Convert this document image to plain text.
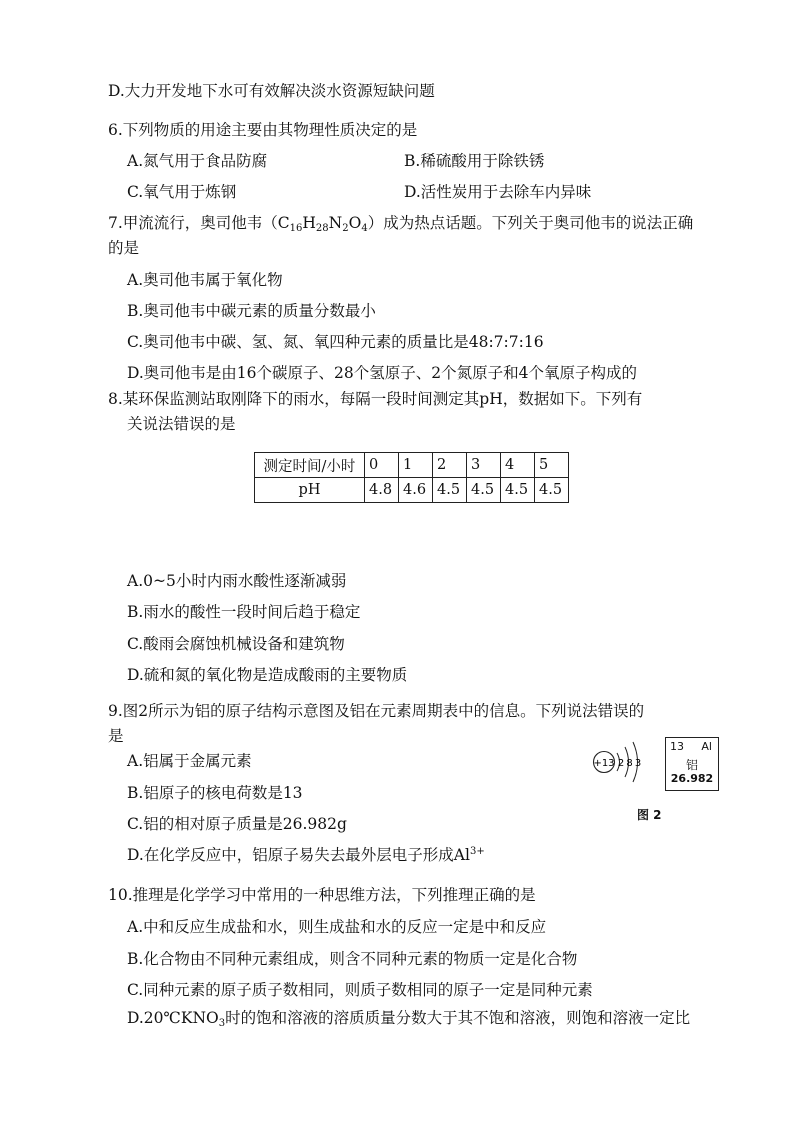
D.大力开发地下水可有效解决淡水资源短缺问题
6.下列物质的用途主要由其物理性质决定的是
A.氮气用于食品防腐	B.稀硫酸用于除铁锈
C.氧气用于炼钢	D.活性炭用于去除车内异味
7.甲流流行，奥司他韦$(C_{16}H_{28}N_2O_4)$成为热点话题。下列关于奥司他韦的说法正确
的是
A.奥司他韦属于氧化物
B.奥司他韦中碳元素的质量分数最小
C.奥司他韦中碳、氢、氮、氧四种元素的质量比是48:7:7:16
D.奥司他韦是由16个碳原子、28个氢原子、2个氮原子和4个氧原子构成的
8.某环保监测站取刚降下的雨水，每隔一段时间测定其pH，数据如下。下列有
关说法错误的是
测定时间/小时	0	1	2	3	4	5
pH	4.8	4.6	4.5	4.5	4.5	4.5
A.0~5小时内雨水酸性逐渐减弱
B.雨水的酸性一段时间后趋于稳定
C.酸雨会腐蚀机械设备和建筑物
D.硫和氮的氧化物是造成酸雨的主要物质
9.图2所示为铝的原子结构示意图及铝在元素周期表中的信息。下列说法错误的
是
A.铝属于金属元素
B.铝原子的核电荷数是13
C.铝的相对原子质量是26.982g
D.在化学反应中，铝原子易失去最外层电子形成$Al^{3+}$
+13 2 8 3
13 Al
铝
26.982
图 2
10.推理是化学学习中常用的一种思维方法，下列推理正确的是
A.中和反应生成盐和水，则生成盐和水的反应一定是中和反应
B.化合物由不同种元素组成，则含不同种元素的物质一定是化合物
C.同种元素的原子质子数相同，则质子数相同的原子一定是同种元素
$D.20℃KNO_3$时的饱和溶液的溶质质量分数大于其不饱和溶液，则饱和溶液一定比
